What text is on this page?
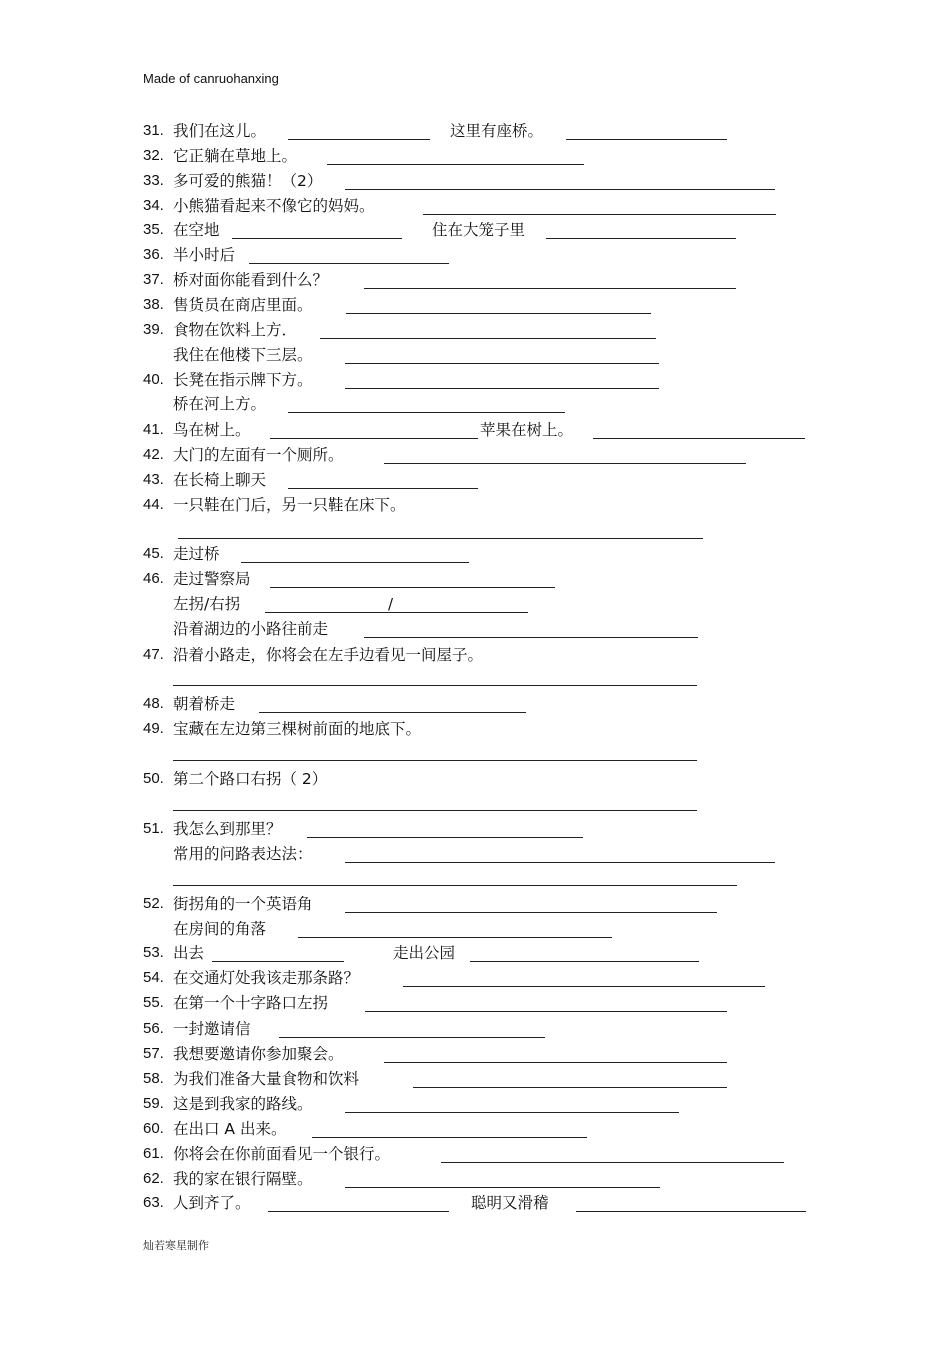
Made of canruohanxing
31. 我们在这儿。	这里有座桥。
32. 它正躺在草地上。
33. 多可爱的熊猫！（2）
34. 小熊猫看起来不像它的妈妈。
35. 在空地	住在大笼子里
36. 半小时后
37. 桥对面你能看到什么？
38. 售货员在商店里面。
39. 食物在饮料上方．
我住在他楼下三层。
40. 长凳在指示牌下方。
桥在河上方。
41. 鸟在树上。	苹果在树上。
42. 大门的左面有一个厕所。
43. 在长椅上聊天
44. 一只鞋在门后，另一只鞋在床下。
45. 走过桥
46. 走过警察局
左拐/右拐	/
沿着湖边的小路往前走
47. 沿着小路走，你将会在左手边看见一间屋子。
48. 朝着桥走
49. 宝藏在左边第三棵树前面的地底下。
50. 第二个路口右拐（ 2）
51. 我怎么到那里？
常用的问路表达法：
52. 街拐角的一个英语角
在房间的角落
53. 出去	走出公园
54. 在交通灯处我该走那条路？
55. 在第一个十字路口左拐
56. 一封邀请信
57. 我想要邀请你参加聚会。
58. 为我们准备大量食物和饮料
59. 这是到我家的路线。
60. 在出口 A 出来。
61. 你将会在你前面看见一个银行。
62. 我的家在银行隔壁。
63. 人到齐了。	聪明又滑稽
灿若寒星制作
